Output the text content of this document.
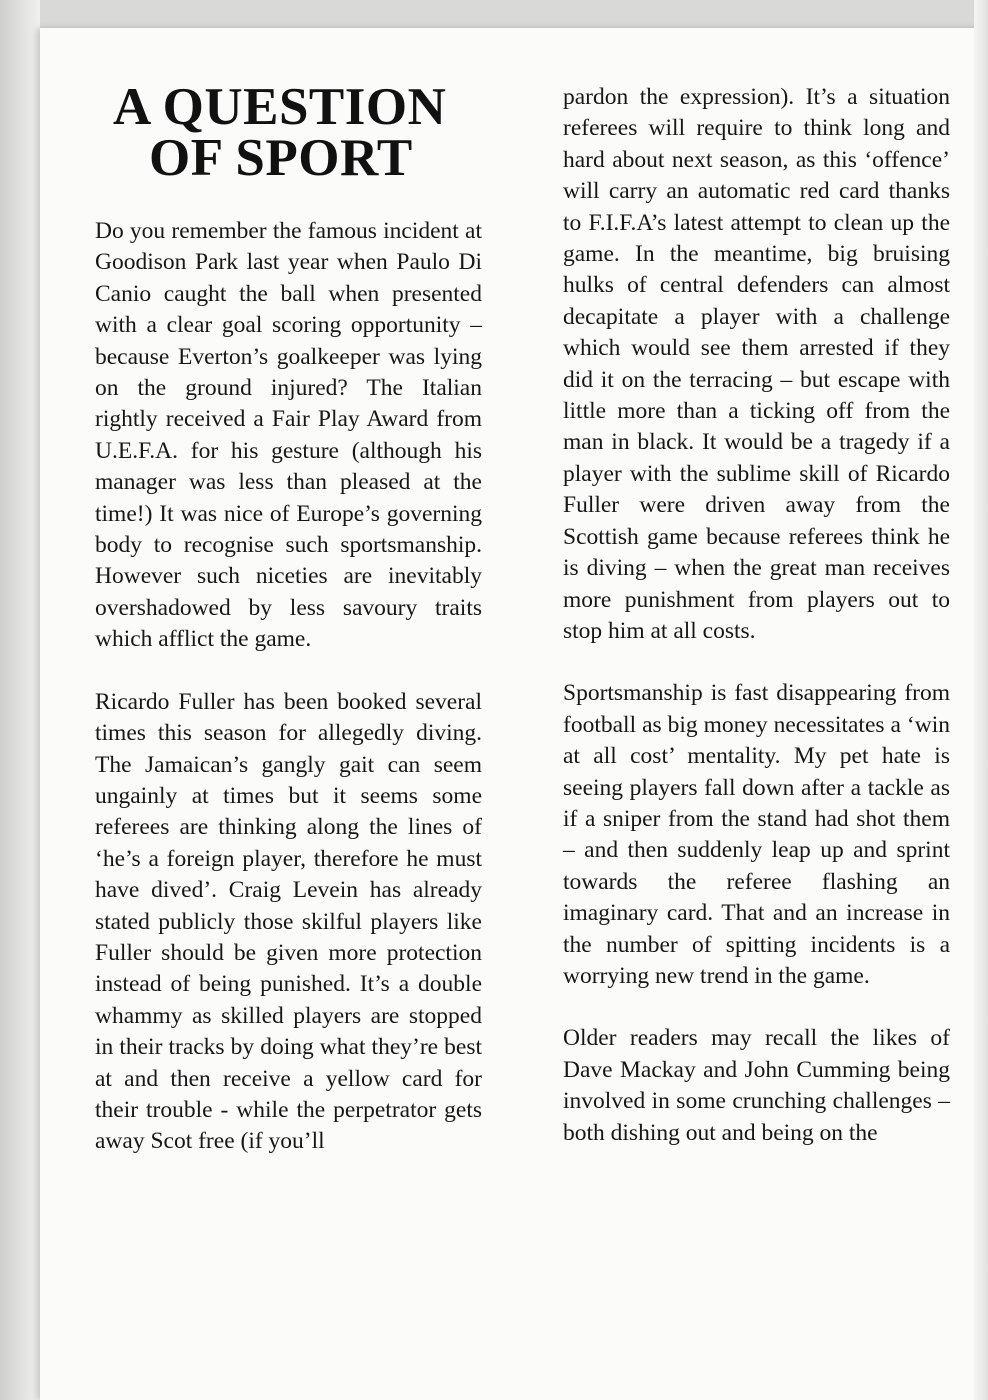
A QUESTION
OF SPORT

Do you remember the famous incident at Goodison Park last year when Paulo Di Canio caught the ball when presented with a clear goal scoring opportunity – because Everton’s goalkeeper was lying on the ground injured? The Italian rightly received a Fair Play Award from U.E.F.A. for his gesture (although his manager was less than pleased at the time!) It was nice of Europe’s governing body to recognise such sportsmanship. However such niceties are inevitably overshadowed by less savoury traits which afflict the game.

Ricardo Fuller has been booked several times this season for allegedly diving. The Jamaican’s gangly gait can seem ungainly at times but it seems some referees are thinking along the lines of ‘he’s a foreign player, therefore he must have dived’. Craig Levein has already stated publicly those skilful players like Fuller should be given more protection instead of being punished. It’s a double whammy as skilled players are stopped in their tracks by doing what they’re best at and then receive a yellow card for their trouble - while the perpetrator gets away Scot free (if you’ll

pardon the expression). It’s a situation referees will require to think long and hard about next season, as this ‘offence’ will carry an automatic red card thanks to F.I.F.A’s latest attempt to clean up the game. In the meantime, big bruising hulks of central defenders can almost decapitate a player with a challenge which would see them arrested if they did it on the terracing – but escape with little more than a ticking off from the man in black. It would be a tragedy if a player with the sublime skill of Ricardo Fuller were driven away from the Scottish game because referees think he is diving – when the great man receives more punishment from players out to stop him at all costs.

Sportsmanship is fast disappearing from football as big money necessitates a ‘win at all cost’ mentality. My pet hate is seeing players fall down after a tackle as if a sniper from the stand had shot them – and then suddenly leap up and sprint towards the referee flashing an imaginary card. That and an increase in the number of spitting incidents is a worrying new trend in the game.

Older readers may recall the likes of Dave Mackay and John Cumming being involved in some crunching challenges – both dishing out and being on the
